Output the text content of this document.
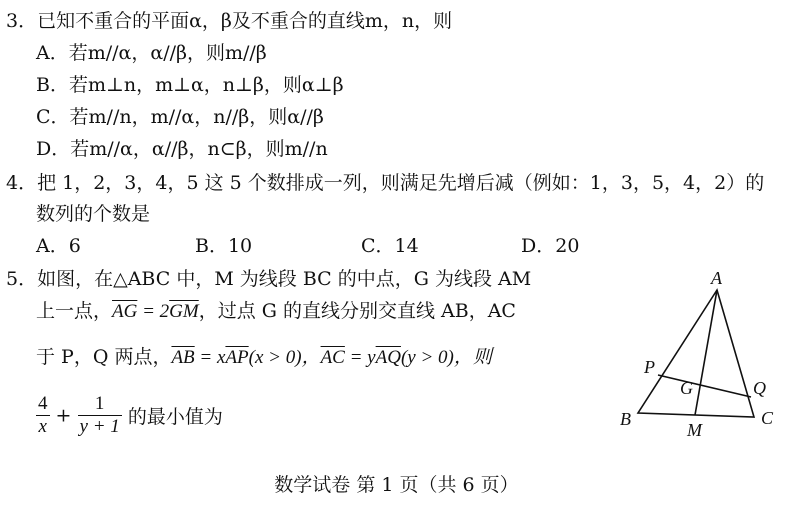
3．已知不重合的平面α，β及不重合的直线m，n，则
A．若m//α，α//β，则m//β
B．若m⊥n，m⊥α，n⊥β，则α⊥β
C．若m//n，m//α，n//β，则α//β
D．若m//α，α//β，n⊂β，则m//n
4．把 1，2，3，4，5 这 5 个数排成一列，则满足先增后减（例如：1，3，5，4，2）的
数列的个数是
A．6	B．10	C．14	D．20
5．如图，在△ABC 中，M 为线段 BC 的中点，G 为线段 AM
上一点，$\overline{AG} = 2\overline{GM}$，过点 G 的直线分别交直线 AB，AC
于 P，Q 两点，$\overline{AB} = x\overline{AP}(x > 0)$，$\overline{AC} = y\overline{AQ}(y > 0)$，则
$\frac{4}{x} + \frac{1}{y + 1}$ 的最小值为
A
B	C
M
P
Q
G
数学试卷 第 1 页（共 6 页）
